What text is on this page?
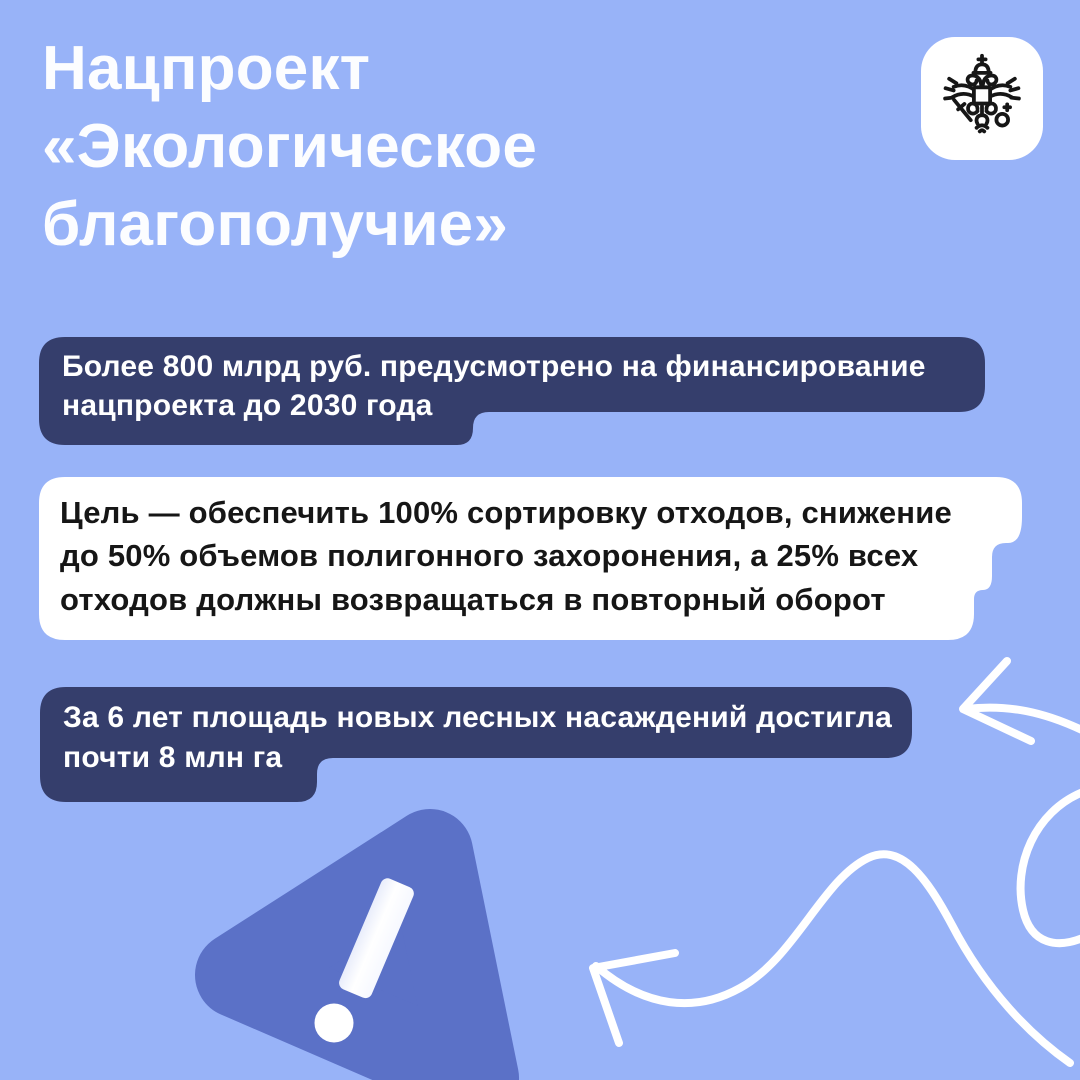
Нацпроект
«Экологическое
благополучие»
Более 800 млрд руб. предусмотрено на финансирование
нацпроекта до 2030 года
Цель — обеспечить 100% сортировку отходов, снижение
до 50% объемов полигонного захоронения, а 25% всех
отходов должны возвращаться в повторный оборот
За 6 лет площадь новых лесных насаждений достигла
почти 8 млн га
